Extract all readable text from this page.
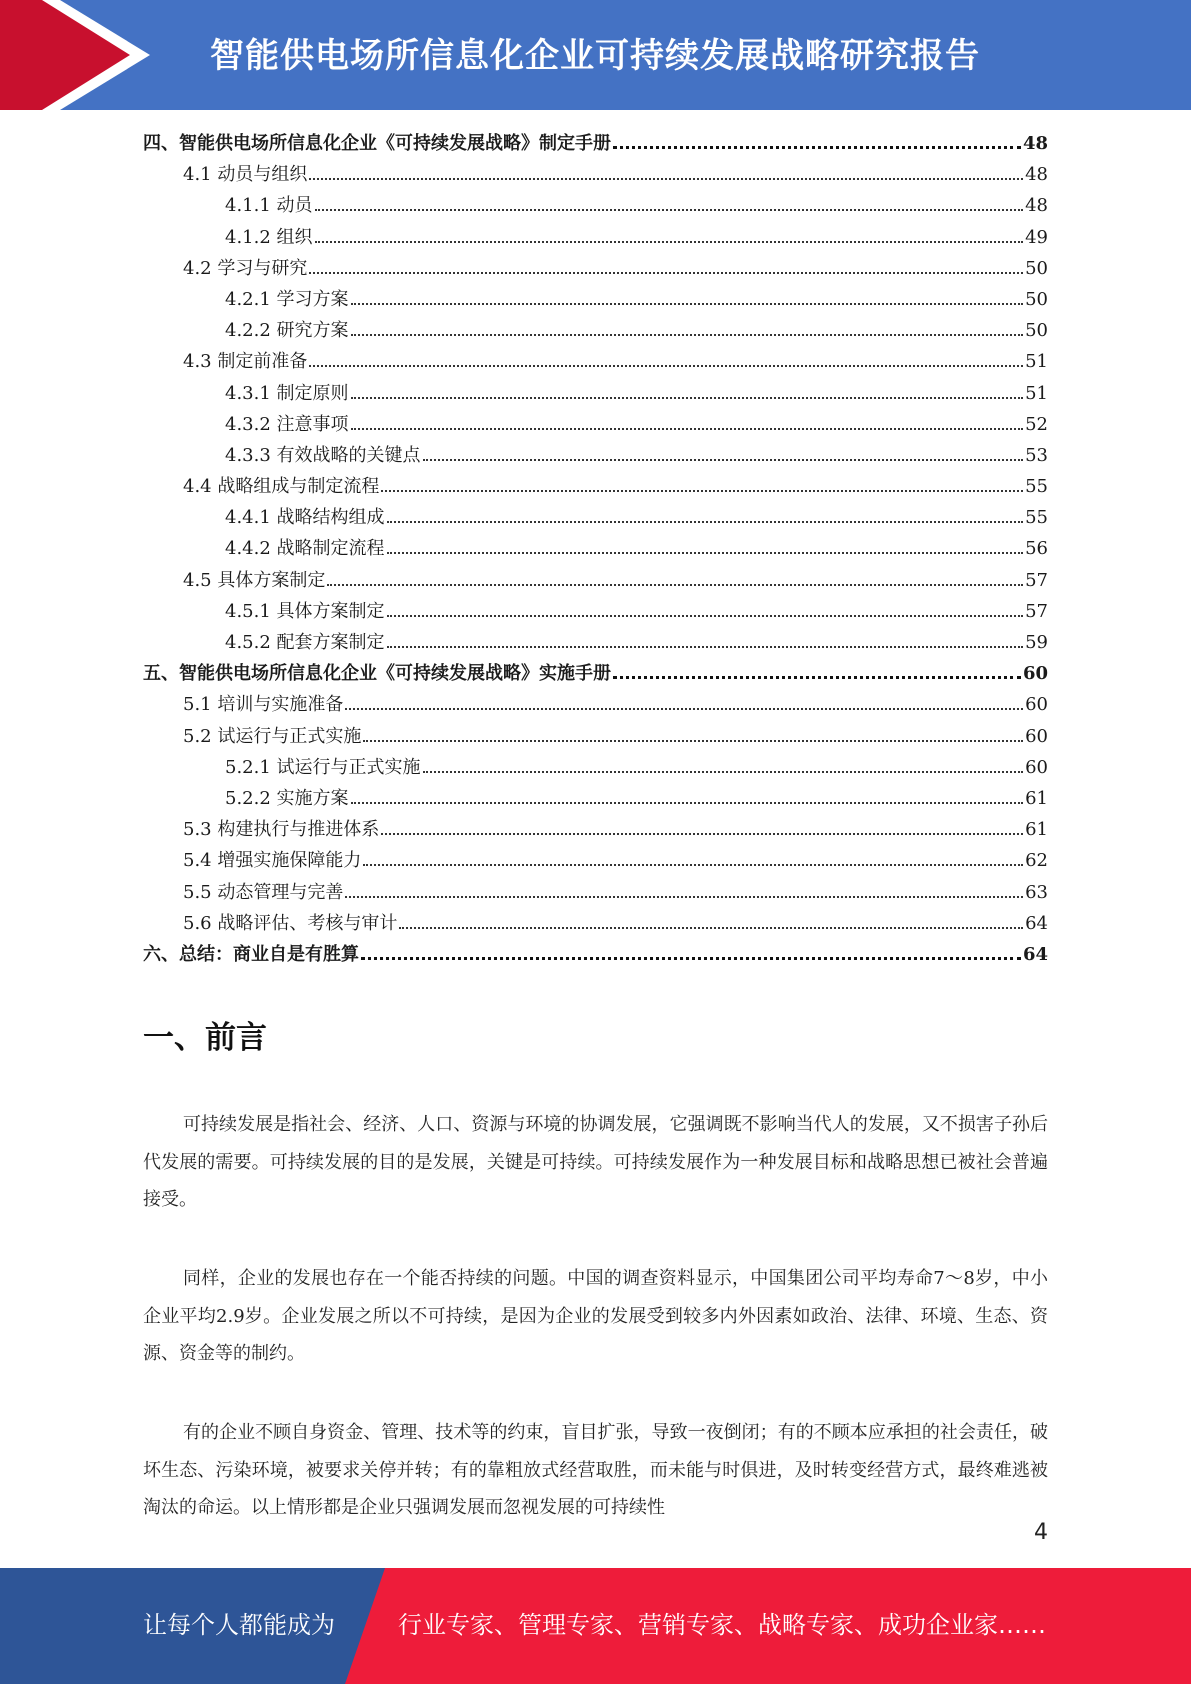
智能供电场所信息化企业可持续发展战略研究报告
四、智能供电场所信息化企业《可持续发展战略》制定手册	48
4.1 动员与组织	48
4.1.1 动员	48
4.1.2 组织	49
4.2 学习与研究	50
4.2.1 学习方案	50
4.2.2 研究方案	50
4.3 制定前准备	51
4.3.1 制定原则	51
4.3.2 注意事项	52
4.3.3 有效战略的关键点	53
4.4 战略组成与制定流程	55
4.4.1 战略结构组成	55
4.4.2 战略制定流程	56
4.5 具体方案制定	57
4.5.1 具体方案制定	57
4.5.2 配套方案制定	59
五、智能供电场所信息化企业《可持续发展战略》实施手册	60
5.1 培训与实施准备	60
5.2 试运行与正式实施	60
5.2.1 试运行与正式实施	60
5.2.2 实施方案	61
5.3 构建执行与推进体系	61
5.4 增强实施保障能力	62
5.5 动态管理与完善	63
5.6 战略评估、考核与审计	64
六、总结：商业自是有胜算	64
一、前言
可持续发展是指社会、经济、人口、资源与环境的协调发展，它强调既不影响当代人的发展，又不损害子孙后代发展的需要。可持续发展的目的是发展，关键是可持续。可持续发展作为一种发展目标和战略思想已被社会普遍接受。
同样，企业的发展也存在一个能否持续的问题。中国的调查资料显示，中国集团公司平均寿命7～8岁，中小企业平均2.9岁。企业发展之所以不可持续，是因为企业的发展受到较多内外因素如政治、法律、环境、生态、资源、资金等的制约。
有的企业不顾自身资金、管理、技术等的约束，盲目扩张，导致一夜倒闭；有的不顾本应承担的社会责任，破坏生态、污染环境，被要求关停并转；有的靠粗放式经营取胜，而未能与时俱进，及时转变经营方式，最终难逃被淘汰的命运。以上情形都是企业只强调发展而忽视发展的可持续性
4
让每个人都能成为	行业专家、管理专家、营销专家、战略专家、成功企业家……
